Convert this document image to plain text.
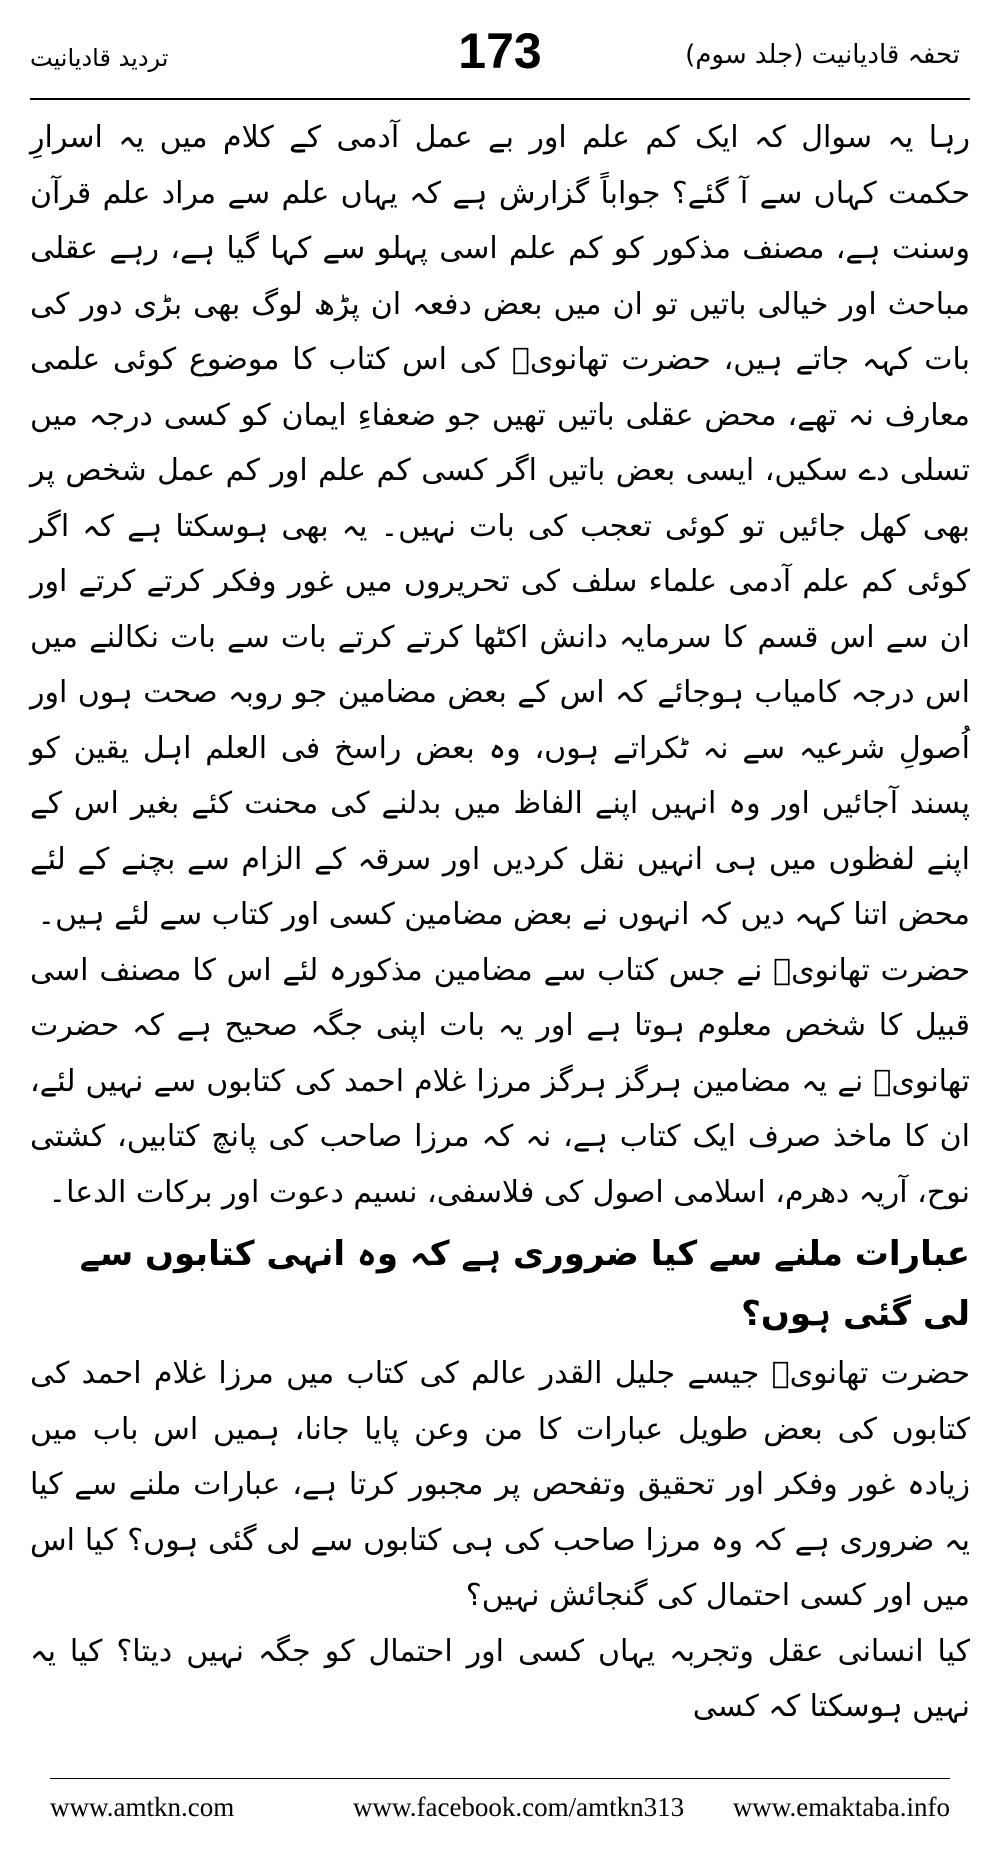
تحفہ قادیانیت (جلد سوم)
173
تردید قادیانیت

رہا یہ سوال کہ ایک کم علم اور بے عمل آدمی کے کلام میں یہ اسرارِ حکمت کہاں سے آ گئے؟ جواباً گزارش ہے کہ یہاں علم سے مراد علم قرآن وسنت ہے، مصنف مذکور کو کم علم اسی پہلو سے کہا گیا ہے، رہے عقلی مباحث اور خیالی باتیں تو ان میں بعض دفعہ ان پڑھ لوگ بھی بڑی دور کی بات کہہ جاتے ہیں، حضرت تھانویؒ کی اس کتاب کا موضوع کوئی علمی معارف نہ تھے، محض عقلی باتیں تھیں جو ضعفاءِ ایمان کو کسی درجہ میں تسلی دے سکیں، ایسی بعض باتیں اگر کسی کم علم اور کم عمل شخص پر بھی کھل جائیں تو کوئی تعجب کی بات نہیں۔ یہ بھی ہوسکتا ہے کہ اگر کوئی کم علم آدمی علماء سلف کی تحریروں میں غور وفکر کرتے کرتے اور ان سے اس قسم کا سرمایہ دانش اکٹھا کرتے کرتے بات سے بات نکالنے میں اس درجہ کامیاب ہوجائے کہ اس کے بعض مضامین جو روبہ صحت ہوں اور اُصولِ شرعیہ سے نہ ٹکراتے ہوں، وہ بعض راسخ فی العلم اہل یقین کو پسند آجائیں اور وہ انہیں اپنے الفاظ میں بدلنے کی محنت کئے بغیر اس کے اپنے لفظوں میں ہی انہیں نقل کردیں اور سرقہ کے الزام سے بچنے کے لئے محض اتنا کہہ دیں کہ انہوں نے بعض مضامین کسی اور کتاب سے لئے ہیں۔

حضرت تھانویؒ نے جس کتاب سے مضامین مذکورہ لئے اس کا مصنف اسی قبیل کا شخص معلوم ہوتا ہے اور یہ بات اپنی جگہ صحیح ہے کہ حضرت تھانویؒ نے یہ مضامین ہرگز ہرگز مرزا غلام احمد کی کتابوں سے نہیں لئے، ان کا ماخذ صرف ایک کتاب ہے، نہ کہ مرزا صاحب کی پانچ کتابیں، کشتی نوح، آریہ دھرم، اسلامی اصول کی فلاسفی، نسیم دعوت اور برکات الدعا۔

عبارات ملنے سے کیا ضروری ہے کہ وہ انہی کتابوں سے لی گئی ہوں؟

حضرت تھانویؒ جیسے جلیل القدر عالم کی کتاب میں مرزا غلام احمد کی کتابوں کی بعض طویل عبارات کا من وعن پایا جانا، ہمیں اس باب میں زیادہ غور وفکر اور تحقیق وتفحص پر مجبور کرتا ہے، عبارات ملنے سے کیا یہ ضروری ہے کہ وہ مرزا صاحب کی ہی کتابوں سے لی گئی ہوں؟ کیا اس میں اور کسی احتمال کی گنجائش نہیں؟

کیا انسانی عقل وتجربہ یہاں کسی اور احتمال کو جگہ نہیں دیتا؟ کیا یہ نہیں ہوسکتا کہ کسی

www.amtkn.com	www.facebook.com/amtkn313 www.emaktaba.info
